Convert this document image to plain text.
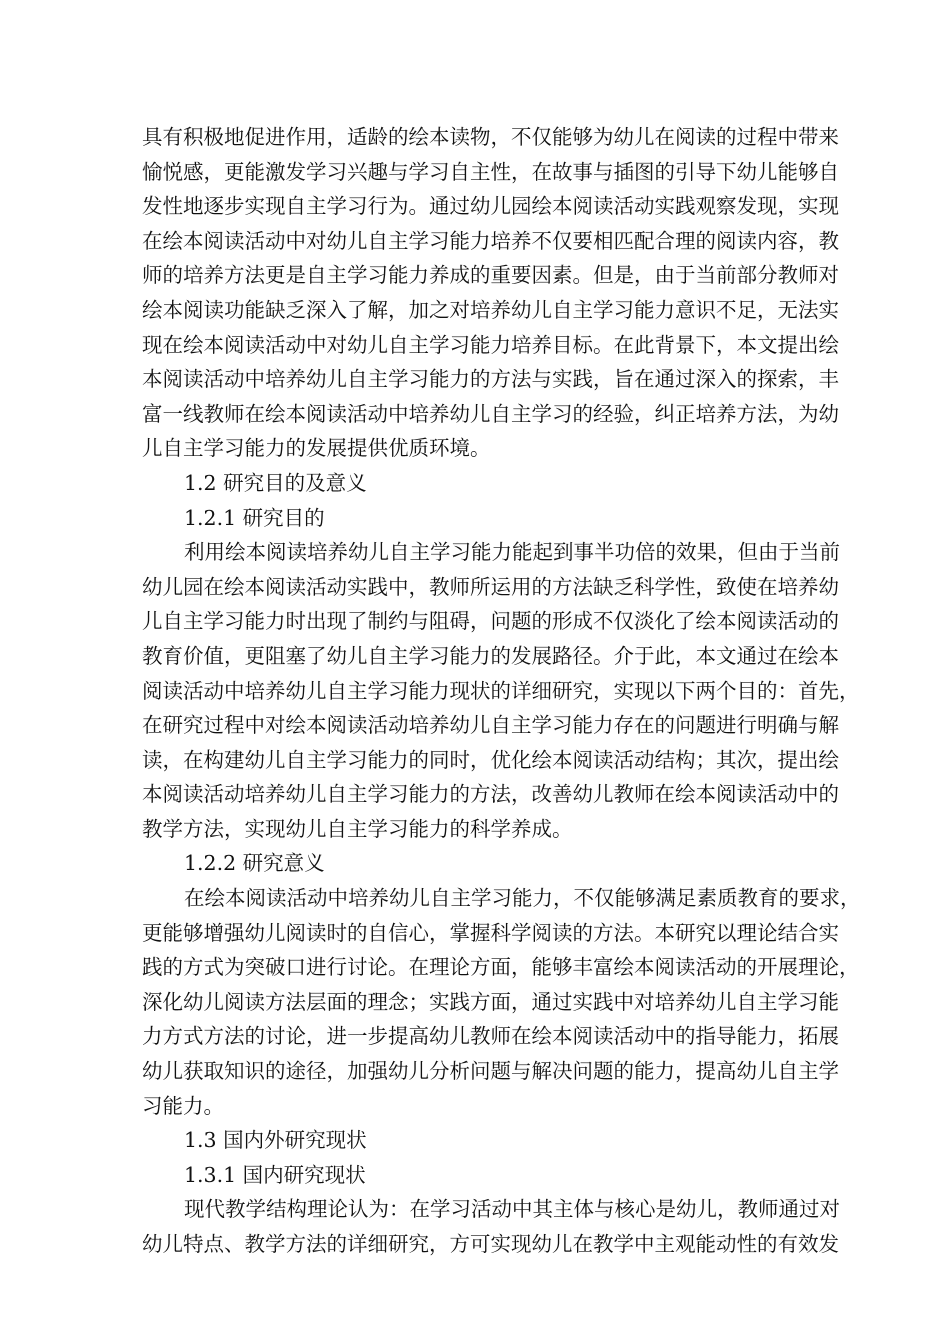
具有积极地促进作用，适龄的绘本读物，不仅能够为幼儿在阅读的过程中带来
愉悦感，更能激发学习兴趣与学习自主性，在故事与插图的引导下幼儿能够自
发性地逐步实现自主学习行为。通过幼儿园绘本阅读活动实践观察发现，实现
在绘本阅读活动中对幼儿自主学习能力培养不仅要相匹配合理的阅读内容，教
师的培养方法更是自主学习能力养成的重要因素。但是，由于当前部分教师对
绘本阅读功能缺乏深入了解，加之对培养幼儿自主学习能力意识不足，无法实
现在绘本阅读活动中对幼儿自主学习能力培养目标。在此背景下，本文提出绘
本阅读活动中培养幼儿自主学习能力的方法与实践，旨在通过深入的探索，丰
富一线教师在绘本阅读活动中培养幼儿自主学习的经验，纠正培养方法，为幼
儿自主学习能力的发展提供优质环境。
1.2 研究目的及意义
1.2.1 研究目的
利用绘本阅读培养幼儿自主学习能力能起到事半功倍的效果，但由于当前
幼儿园在绘本阅读活动实践中，教师所运用的方法缺乏科学性，致使在培养幼
儿自主学习能力时出现了制约与阻碍，问题的形成不仅淡化了绘本阅读活动的
教育价值，更阻塞了幼儿自主学习能力的发展路径。介于此，本文通过在绘本
阅读活动中培养幼儿自主学习能力现状的详细研究，实现以下两个目的：首先，
在研究过程中对绘本阅读活动培养幼儿自主学习能力存在的问题进行明确与解
读，在构建幼儿自主学习能力的同时，优化绘本阅读活动结构；其次，提出绘
本阅读活动培养幼儿自主学习能力的方法，改善幼儿教师在绘本阅读活动中的
教学方法，实现幼儿自主学习能力的科学养成。
1.2.2 研究意义
在绘本阅读活动中培养幼儿自主学习能力，不仅能够满足素质教育的要求，
更能够增强幼儿阅读时的自信心，掌握科学阅读的方法。本研究以理论结合实
践的方式为突破口进行讨论。在理论方面，能够丰富绘本阅读活动的开展理论，
深化幼儿阅读方法层面的理念；实践方面，通过实践中对培养幼儿自主学习能
力方式方法的讨论，进一步提高幼儿教师在绘本阅读活动中的指导能力，拓展
幼儿获取知识的途径，加强幼儿分析问题与解决问题的能力，提高幼儿自主学
习能力。
1.3 国内外研究现状
1.3.1 国内研究现状
现代教学结构理论认为：在学习活动中其主体与核心是幼儿，教师通过对
幼儿特点、教学方法的详细研究，方可实现幼儿在教学中主观能动性的有效发
